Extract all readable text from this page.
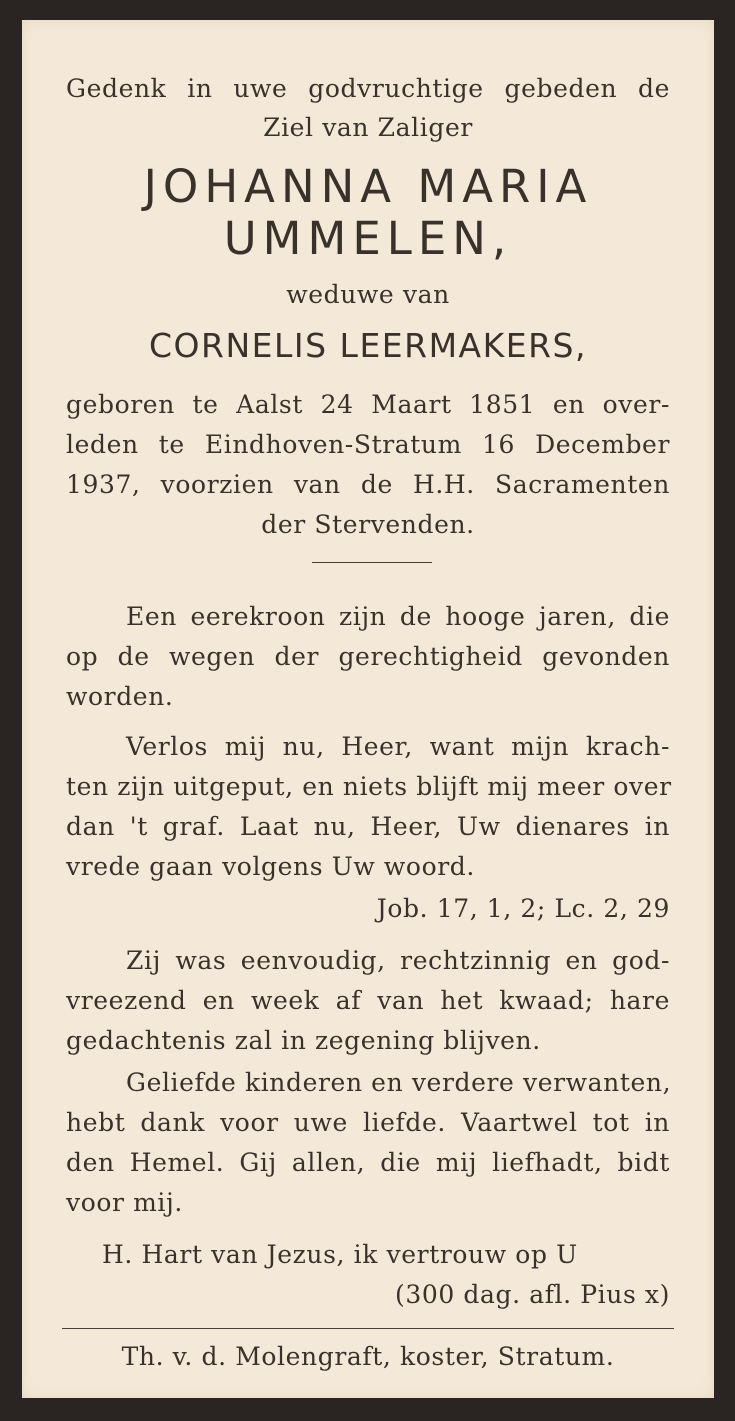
Gedenk in uwe godvruchtige gebeden de
Ziel van Zaliger
JOHANNA MARIA
UMMELEN,
weduwe van
CORNELIS LEERMAKERS,
geboren te Aalst 24 Maart 1851 en over-
leden te Eindhoven-Stratum 16 December
1937, voorzien van de H.H. Sacramenten
der Stervenden.
Een eerekroon zijn de hooge jaren, die
op de wegen der gerechtigheid gevonden
worden.
Verlos mij nu, Heer, want mijn krach-
ten zijn uitgeput, en niets blijft mij meer over
dan 't graf. Laat nu, Heer, Uw dienares in
vrede gaan volgens Uw woord.
Job. 17, 1, 2; Lc. 2, 29
Zij was eenvoudig, rechtzinnig en god-
vreezend en week af van het kwaad; hare
gedachtenis zal in zegening blijven.
Geliefde kinderen en verdere verwanten,
hebt dank voor uwe liefde. Vaartwel tot in
den Hemel. Gij allen, die mij liefhadt, bidt
voor mij.
H. Hart van Jezus, ik vertrouw op U
(300 dag. afl. Pius x)
Th. v. d. Molengraft, koster, Stratum.
